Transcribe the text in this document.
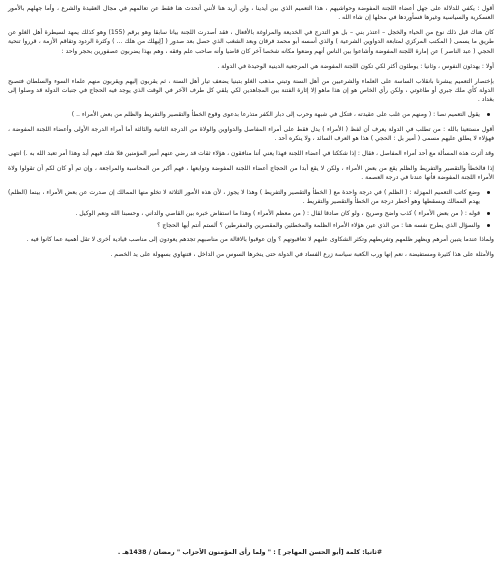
أقول : يكفي للدلالة على جهل أعضاء اللجنة المفوضة وحواشيهم ، هذا التعميم الذي بين أيدينا ، ولن أريد هنا لأنني أتحدث هنا فقط عن تعالمهم في مجال العقيدة والشرع ، وأما جهلهم بالأمور العسكرية والسياسية وغيرها فسأوردها في محلها إن شاء الله .

كان هناك قبل ذلك نوع من الحياء والخجل – اعتذر بني – بل هو التدرج في الخديعة والمراوغة بالأفعال ، فقد أصدرت اللجنة بيانا سابقا وهو برقم (155) وهو كذلك يمهد لسيطرة أهل الغلو عن طريق ما يسمى ( المكتب المركزي لمتابعة الدواوين الشرعية ) والذي أسسه أبو محمد فرقان وبعد الشغب الذي حصل بعد صدور ( [لِيهلك من هلك ... ) وكثرة الردود وتفاقم الأزمة ، قرروا تنحية الحجي ( عبد الناصر ) عن إمارة اللجنة المفوضة وأشاعوا بين الناس أنهم وضعوا مكانه شخصا آخر كان قاضيا وأنه صاحب علم وفقه ، وهم بهذا يضربون عصفورين بحجر واحد :

أولا : يهدئون النفوس ، وثانيا : يوطئون أكثر لكي تكون اللجنة المفوضة هي المرجعية الدينية الوحيدة في الدولة .

بإختصار التعميم يبشرنا بانقلاب الساسة على العلماء والشرعيين من أهل السنة وتبني مذهب الغلو بتبنيا يضعف تيار أهل السنة ، ثم يقربون إليهم ويقربون منهم علماء السوء والسلطان فتصبح الدولة كأي ملك جبري أو طاغوتي ، ولكن رأي الخاص هو إن هذا ماهو إلا إثارة الفتنة بين المجاهدين لكي يلقي كل طرف الآخر في الوقت الذي يوجد فيه الحجاج في جنبات الدولة قد وصلوا إلى بغداد .

يقول التعميم نصا : ( ومنهم من غلب على عقيدته ، فتكل في شبهة وحرب إلى دبار الكفر متذرعا بدعوى وقوع الخطأ والتقصير والتفريط والظلم من بعض الأمراء .. )

أقول مستعينا بالله : من تطلب في الدولة يعرف أن لفظ ( الأمراء ) يدل فقط على أمراء المفاصل والدواوين والولاة من الدرجة الثانية والثالثة أما أمراء الدرجة الأولى وأعضاء اللجنة المفوضة ، فهؤلاء لا يطلق عليهم مسمى ( أمير بل : الحجي ) هذا هو العرف السائد ، ولا ينكره أحد .

وقد أثرت هذه المسألة مع أحد أمراء المفاصل ، فقال : إذا شككنا في أعضاء اللجنة فهذا يعني أننا منافقون ، هؤلاء ثقات قد رضي عنهم أمير المؤمنين فلا شك فيهم أبد وهذا أمر تعبد الله به .) انتهى

إذا فالخطأ والتقصير والتفريط والظلم يقع من بعض الأمراء ، ولكن لا يقع أبدا من الحجاج أعضاء اللجنة المفوضة وتوابعها ، فهم أكبر من المحاسبة والمراجعة ، وإن تم أو كان لكم أن تقولوا ولاة الأمراء اللجنة المفوضة فأنها عندنا في درجة العصمة .

وضع كاتب التعميم المهزلة : ( الظلم ) في درجة واحدة مع ( الخطأ والتقصير والتفريط ) وهذا لا يجوز ، لأن هذه الأمور الثلاثة لا تخلو منها الممالك إن صدرت عن بعض الأمراء ، بينما (الظلم) يهدم الممالك وبسقطها وهو أخطر درجة من الخطأ والتقصير والتفريط .
قوله : ( من بعض الأمراء ) كذب واضح وصريح ، ولو كان صادقا لقال : ( من معظم الأمراء ) وهذا ما استفاض خبره بين القاصي والداني ، وحسبنا الله ونعم الوكيل .
والسؤال الذي يطرح نفسه هنا : من الذي عين هؤلاء الأمراء الظلمة والمخطئين والمقصرين والمفرطين ؟ ألستم أنتم أيها الحجاج ؟

ولماذا عندما يتبين أمرهم ويظهر ظلمهم وتفريطهم وتكثر الشكاوى عليهم لا تعاقبونهم ؟ وإن عوقبوا بالاقالة من مناصبهم تجدهم يعودون إلى مناصب قيادية أخرى لا تقل أهمية عما كانوا فيه .

والأمثلة على هذا كثيرة ومستفيضة ، نعم إنها ورب الكعبة سياسة زرع الفساد في الدولة حتى ينخرها السوس من الداخل ، فتنهاوي بسهولة على يد الخصم .

#ثانيا: كلمة [أبو الحسن المهاجر ] : " ولما رأى المؤمنون الأحزاب " رمضان / 1438هـ .
